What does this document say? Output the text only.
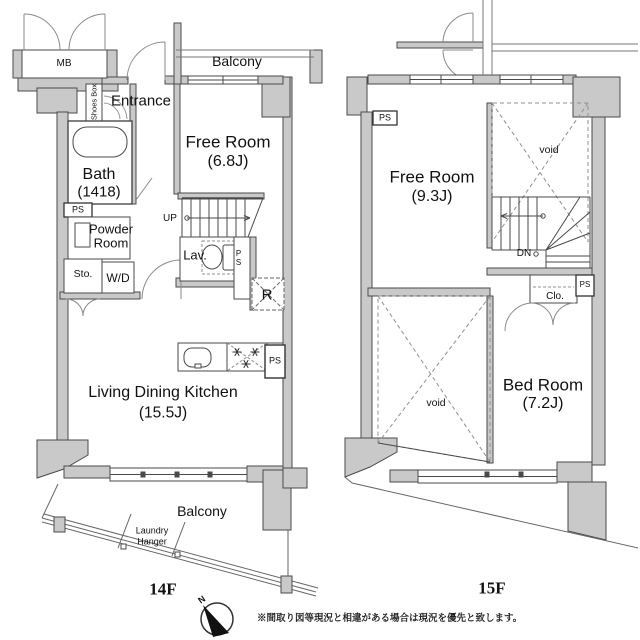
MB
Entrance
Shoes Box
Balcony
Free Room
(6.8J)
Bath
(1418)
PS
Powder
Room
Sto. W/D
UP
Lav.	PS
R
PS
Living Dining Kitchen
(15.5J)
Balcony
Laundry
Hanger
14F
PS
Free Room
(9.3J)
void
DN
Clo.
PS
void
Bed Room
(7.2J)
15F
N
※間取り図等現況と相違がある場合は現況を優先と致します。
